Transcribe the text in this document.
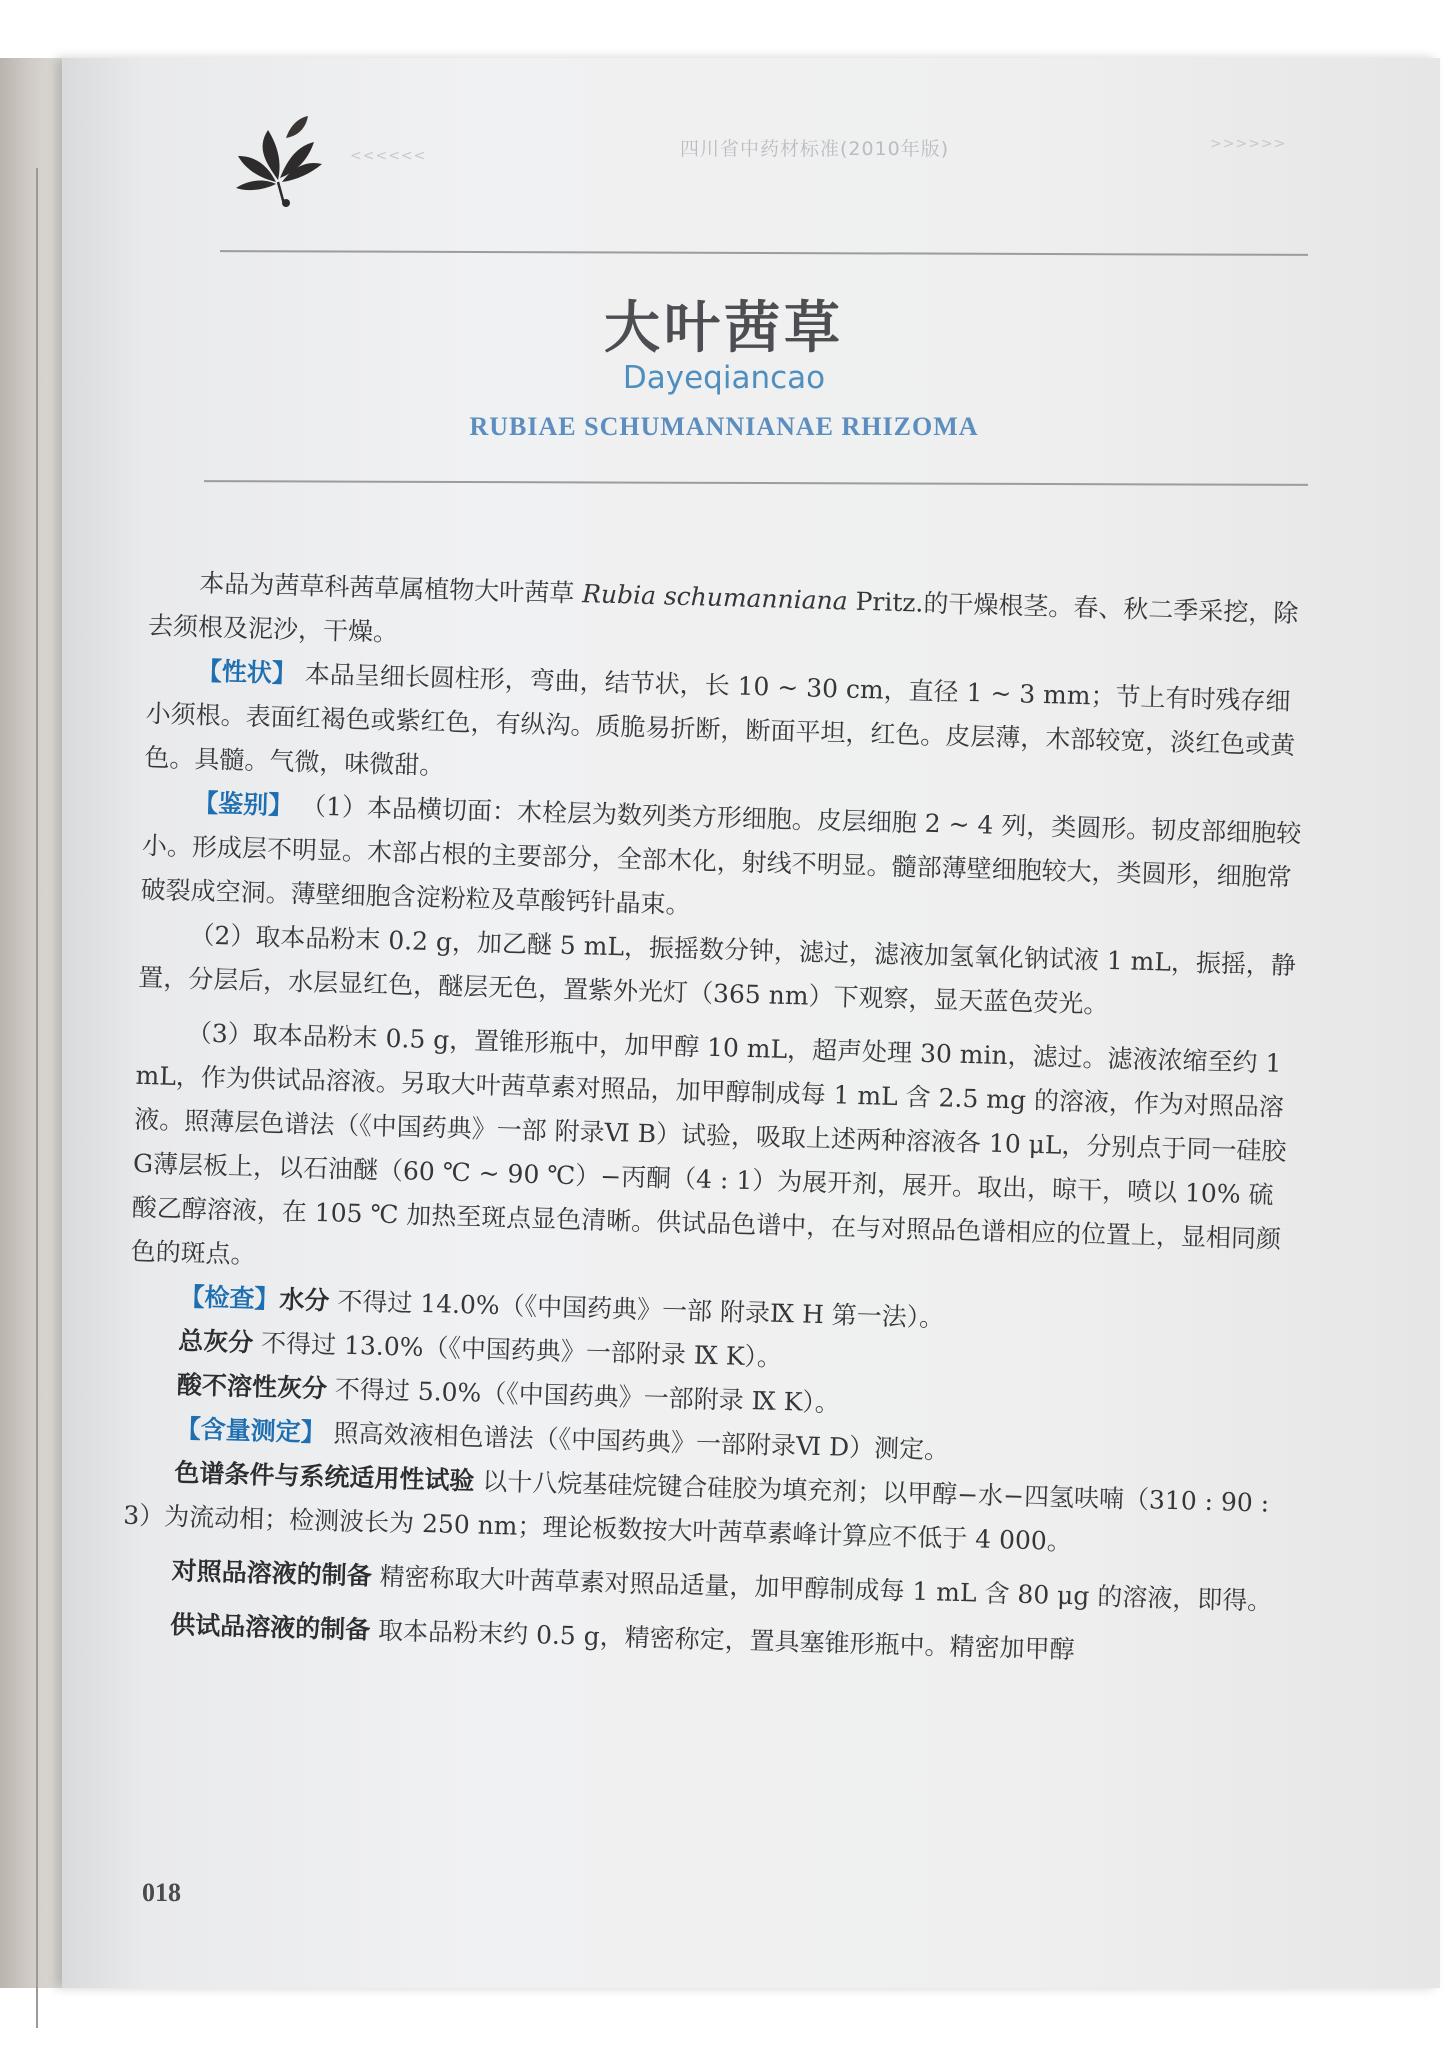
<<<<<<	四川省中药材标准(2010年版)	>>>>>>
大叶茜草
Dayeqiancao
RUBIAE SCHUMANNIANAE RHIZOMA

本品为茜草科茜草属植物大叶茜草 Rubia schumanniana Pritz.的干燥根茎。春、秋二季采挖，除去须根及泥沙，干燥。

【性状】 本品呈细长圆柱形，弯曲，结节状，长 10 ~ 30 cm，直径 1 ~ 3 mm；节上有时残存细小须根。表面红褐色或紫红色，有纵沟。质脆易折断，断面平坦，红色。皮层薄，木部较宽，淡红色或黄色。具髓。气微，味微甜。

【鉴别】 （1）本品横切面：木栓层为数列类方形细胞。皮层细胞 2 ~ 4 列，类圆形。韧皮部细胞较小。形成层不明显。木部占根的主要部分，全部木化，射线不明显。髓部薄壁细胞较大，类圆形，细胞常破裂成空洞。薄壁细胞含淀粉粒及草酸钙针晶束。

（2）取本品粉末 0.2 g，加乙醚 5 mL，振摇数分钟，滤过，滤液加氢氧化钠试液 1 mL，振摇，静置，分层后，水层显红色，醚层无色，置紫外光灯（365 nm）下观察，显天蓝色荧光。

（3）取本品粉末 0.5 g，置锥形瓶中，加甲醇 10 mL，超声处理 30 min，滤过。滤液浓缩至约 1 mL，作为供试品溶液。另取大叶茜草素对照品，加甲醇制成每 1 mL 含 2.5 mg 的溶液，作为对照品溶液。照薄层色谱法（《中国药典》一部 附录Ⅵ B）试验，吸取上述两种溶液各 10 μL，分别点于同一硅胶G薄层板上，以石油醚（60 ℃ ~ 90 ℃）−丙酮（4 : 1）为展开剂，展开。取出，晾干，喷以 10% 硫酸乙醇溶液，在 105 ℃ 加热至斑点显色清晰。供试品色谱中，在与对照品色谱相应的位置上，显相同颜色的斑点。

【检查】水分 不得过 14.0%（《中国药典》一部 附录Ⅸ H 第一法）。

总灰分 不得过 13.0%（《中国药典》一部附录 Ⅸ K）。

酸不溶性灰分 不得过 5.0%（《中国药典》一部附录 Ⅸ K）。

【含量测定】 照高效液相色谱法（《中国药典》一部附录Ⅵ D）测定。

色谱条件与系统适用性试验 以十八烷基硅烷键合硅胶为填充剂；以甲醇−水−四氢呋喃（310 : 90 : 3）为流动相；检测波长为 250 nm；理论板数按大叶茜草素峰计算应不低于 4 000。

对照品溶液的制备 精密称取大叶茜草素对照品适量，加甲醇制成每 1 mL 含 80 μg 的溶液，即得。

供试品溶液的制备 取本品粉末约 0.5 g，精密称定，置具塞锥形瓶中。精密加甲醇

018
